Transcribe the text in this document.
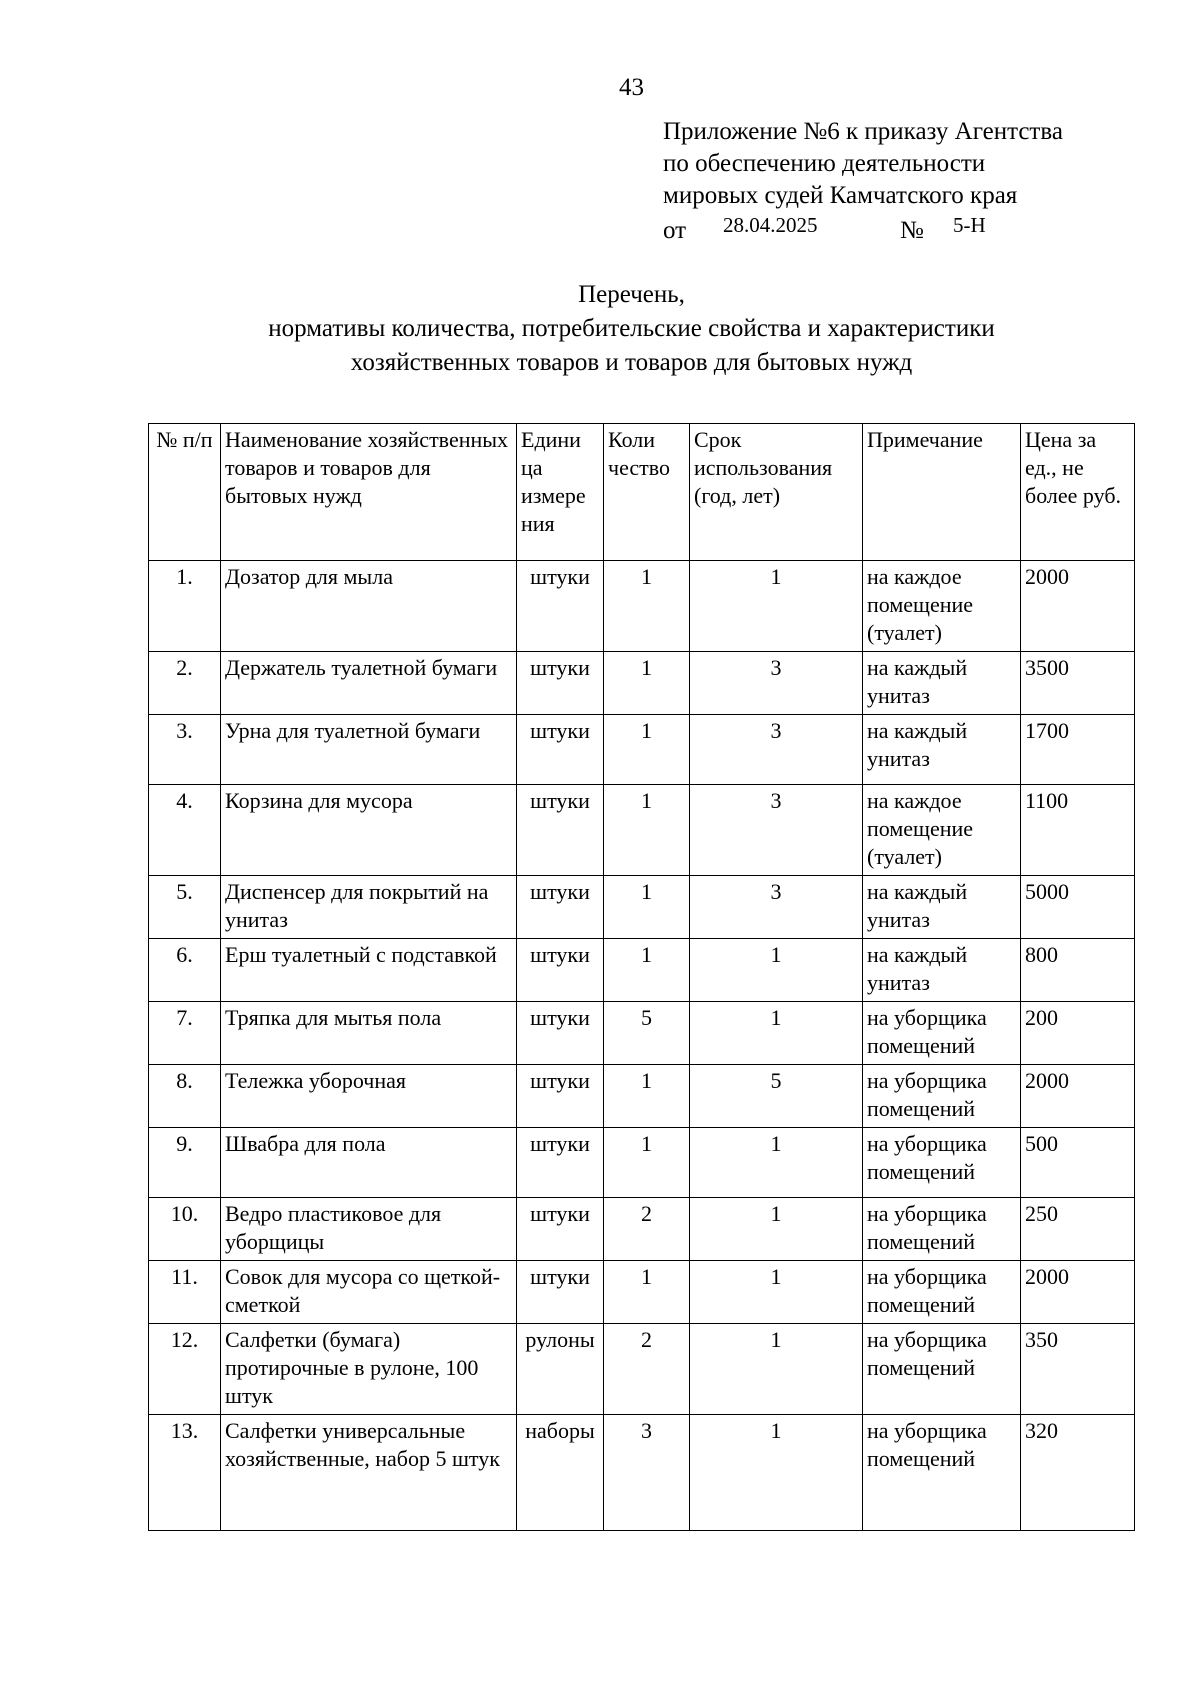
43
Приложение №6 к приказу Агентства
по обеспечению деятельности
мировых судей Камчатского края
от 28.04.2025	№ 5-Н
Перечень,
нормативы количества, потребительские свойства и характеристики
хозяйственных товаров и товаров для бытовых нужд
№ п/п	Наименование хозяйственных товаров и товаров для бытовых нужд	Едини ца измере ния	Коли чество	Срок использования (год, лет)	Примечание	Цена за ед., не более руб.
1.	Дозатор для мыла	штуки	1	1	на каждое помещение (туалет)	2000
2.	Держатель туалетной бумаги	штуки	1	3	на каждый унитаз	3500
3.	Урна для туалетной бумаги	штуки	1	3	на каждый унитаз	1700
4.	Корзина для мусора	штуки	1	3	на каждое помещение (туалет)	1100
5.	Диспенсер для покрытий на унитаз	штуки	1	3	на каждый унитаз	5000
6.	Ерш туалетный с подставкой	штуки	1	1	на каждый унитаз	800
7.	Тряпка для мытья пола	штуки	5	1	на уборщика помещений	200
8.	Тележка уборочная	штуки	1	5	на уборщика помещений	2000
9.	Швабра для пола	штуки	1	1	на уборщика помещений	500
10.	Ведро пластиковое для уборщицы	штуки	2	1	на уборщика помещений	250
11.	Совок для мусора со щеткой-сметкой	штуки	1	1	на уборщика помещений	2000
12.	Салфетки (бумага) протирочные в рулоне, 100 штук	рулоны	2	1	на уборщика помещений	350
13.	Салфетки универсальные хозяйственные, набор 5 штук	наборы	3	1	на уборщика помещений	320
